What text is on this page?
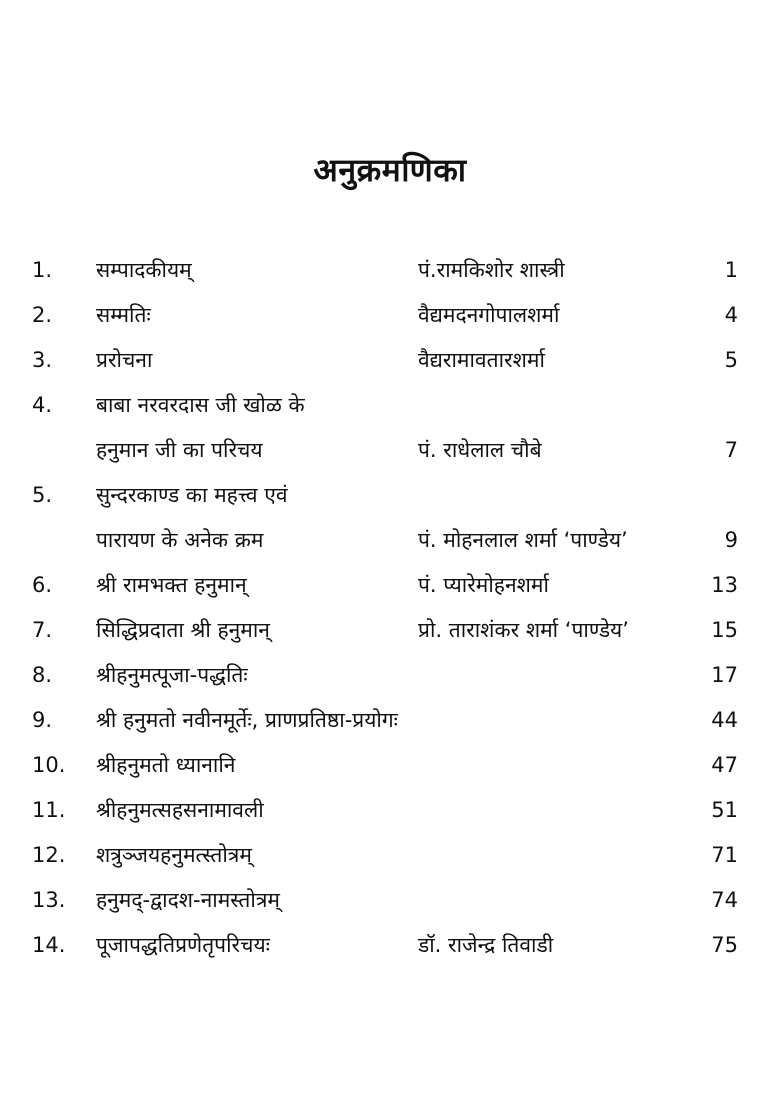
अनुक्रमणिका
1. सम्पादकीयम्	पं.रामकिशोर शास्त्री	1
2. सम्मतिः	वैद्यमदनगोपालशर्मा	4
3. प्ररोचना	वैद्यरामावतारशर्मा	5
4. बाबा नरवरदास जी खोळ के
हनुमान जी का परिचय	पं. राधेलाल चौबे	7
5. सुन्दरकाण्ड का महत्त्व एवं
पारायण के अनेक क्रम	पं. मोहनलाल शर्मा ‘पाण्डेय’	9
6. श्री रामभक्त हनुमान्	पं. प्यारेमोहनशर्मा	13
7. सिद्धिप्रदाता श्री हनुमान्	प्रो. ताराशंकर शर्मा ‘पाण्डेय’	15
8. श्रीहनुमत्पूजा-पद्धतिः	17
9. श्री हनुमतो नवीनमूर्तेः, प्राणप्रतिष्ठा-प्रयोगः	44
10. श्रीहनुमतो ध्यानानि	47
11. श्रीहनुमत्सहसनामावली	51
12. शत्रुञ्जयहनुमत्स्तोत्रम्	71
13. हनुमद्-द्वादश-नामस्तोत्रम्	74
14. पूजापद्धतिप्रणेतृपरिचयः	डॉ. राजेन्द्र तिवाडी	75
